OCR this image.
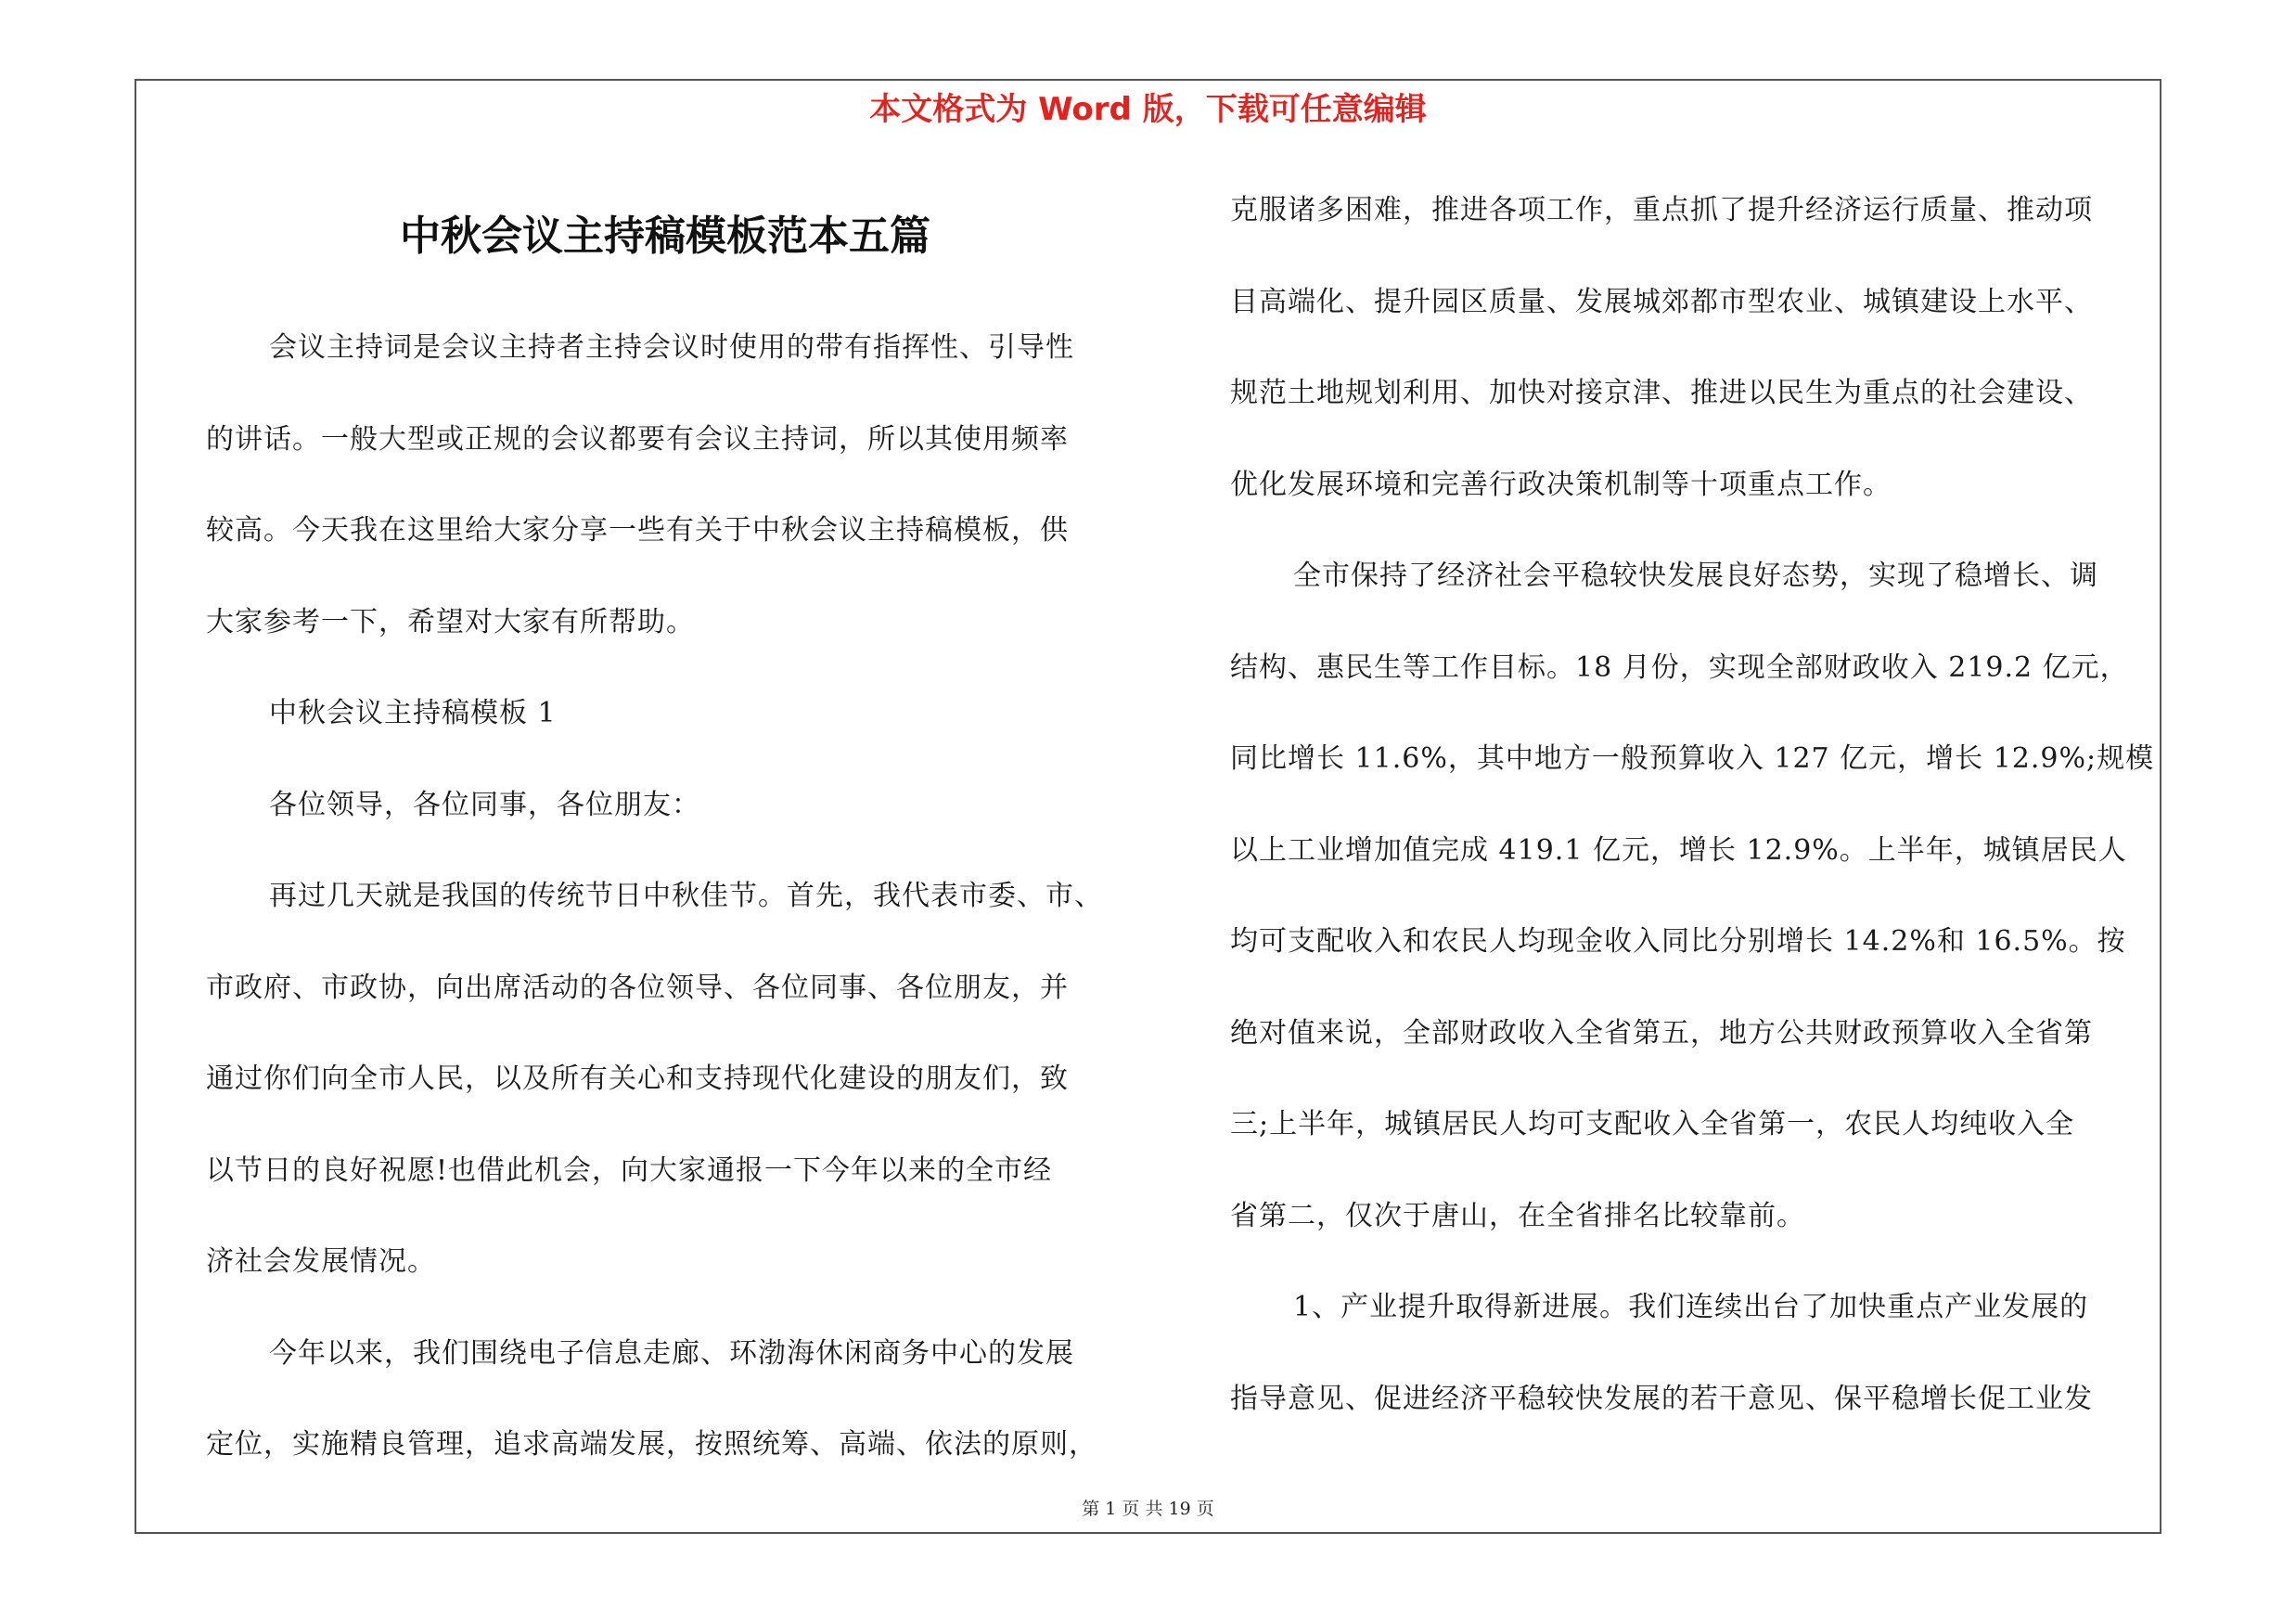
本文格式为 Word 版，下载可任意编辑
中秋会议主持稿模板范本五篇
会议主持词是会议主持者主持会议时使用的带有指挥性、引导性
的讲话。一般大型或正规的会议都要有会议主持词，所以其使用频率
较高。今天我在这里给大家分享一些有关于中秋会议主持稿模板，供
大家参考一下，希望对大家有所帮助。
中秋会议主持稿模板 1
各位领导，各位同事，各位朋友：
再过几天就是我国的传统节日中秋佳节。首先，我代表市委、市、
市政府、市政协，向出席活动的各位领导、各位同事、各位朋友，并
通过你们向全市人民，以及所有关心和支持现代化建设的朋友们，致
以节日的良好祝愿!也借此机会，向大家通报一下今年以来的全市经
济社会发展情况。
今年以来，我们围绕电子信息走廊、环渤海休闲商务中心的发展
定位，实施精良管理，追求高端发展，按照统筹、高端、依法的原则，
克服诸多困难，推进各项工作，重点抓了提升经济运行质量、推动项
目高端化、提升园区质量、发展城郊都市型农业、城镇建设上水平、
规范土地规划利用、加快对接京津、推进以民生为重点的社会建设、
优化发展环境和完善行政决策机制等十项重点工作。
全市保持了经济社会平稳较快发展良好态势，实现了稳增长、调
结构、惠民生等工作目标。18 月份，实现全部财政收入 219.2 亿元，
同比增长 11.6%，其中地方一般预算收入 127 亿元，增长 12.9%;规模
以上工业增加值完成 419.1 亿元，增长 12.9%。上半年，城镇居民人
均可支配收入和农民人均现金收入同比分别增长 14.2%和 16.5%。按
绝对值来说，全部财政收入全省第五，地方公共财政预算收入全省第
三;上半年，城镇居民人均可支配收入全省第一，农民人均纯收入全
省第二，仅次于唐山，在全省排名比较靠前。
1、产业提升取得新进展。我们连续出台了加快重点产业发展的
指导意见、促进经济平稳较快发展的若干意见、保平稳增长促工业发
第 1 页 共 19 页
